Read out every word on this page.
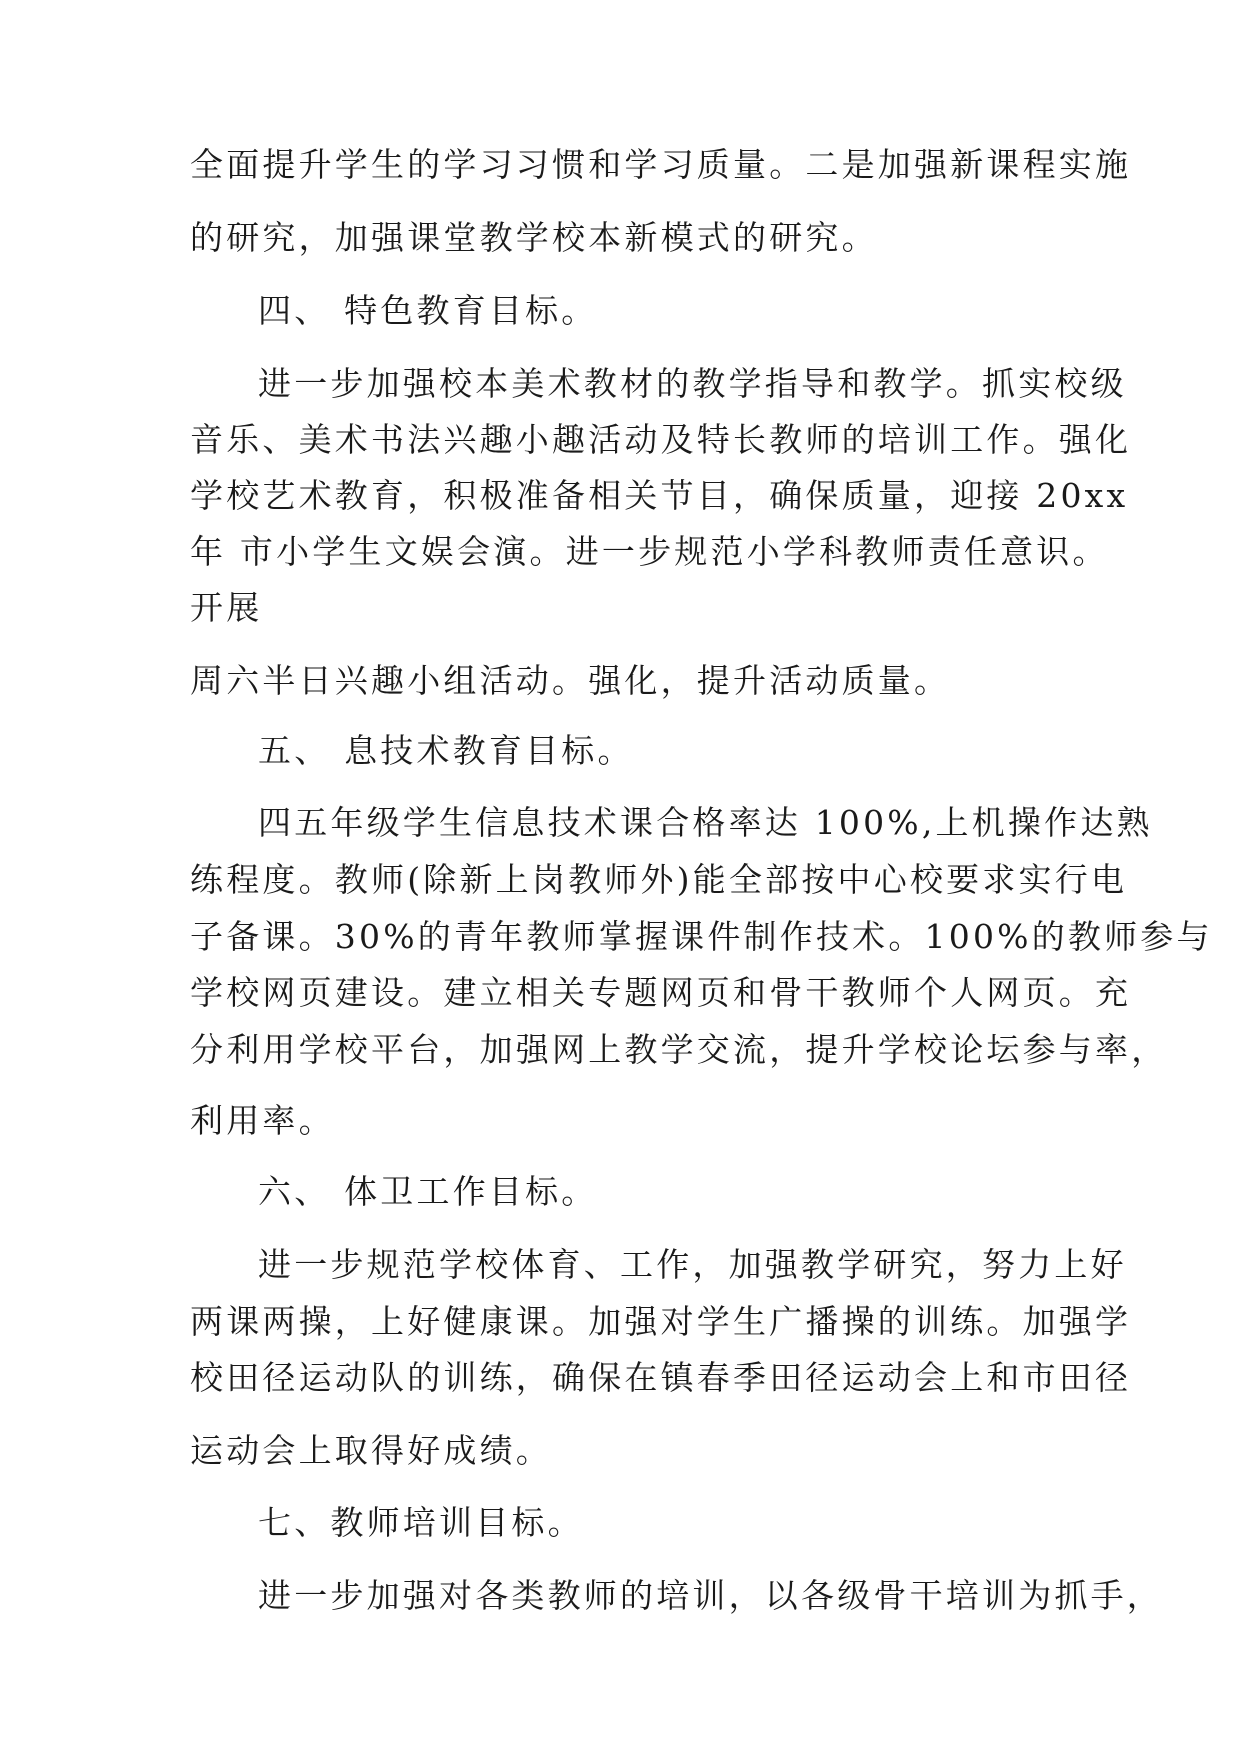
全面提升学生的学习习惯和学习质量。二是加强新课程实施
的研究，加强课堂教学校本新模式的研究。
四、 特色教育目标。
进一步加强校本美术教材的教学指导和教学。抓实校级
音乐、美术书法兴趣小趣活动及特长教师的培训工作。强化
学校艺术教育，积极准备相关节目，确保质量，迎接 20xx
年 市小学生文娱会演。进一步规范小学科教师责任意识。
开展
周六半日兴趣小组活动。强化，提升活动质量。
五、 息技术教育目标。
四五年级学生信息技术课合格率达 100%,上机操作达熟
练程度。教师(除新上岗教师外)能全部按中心校要求实行电
子备课。30%的青年教师掌握课件制作技术。100%的教师参与
学校网页建设。建立相关专题网页和骨干教师个人网页。充
分利用学校平台，加强网上教学交流，提升学校论坛参与率，
利用率。
六、 体卫工作目标。
进一步规范学校体育、工作，加强教学研究，努力上好
两课两操，上好健康课。加强对学生广播操的训练。加强学
校田径运动队的训练，确保在镇春季田径运动会上和市田径
运动会上取得好成绩。
七、教师培训目标。
进一步加强对各类教师的培训，以各级骨干培训为抓手，
